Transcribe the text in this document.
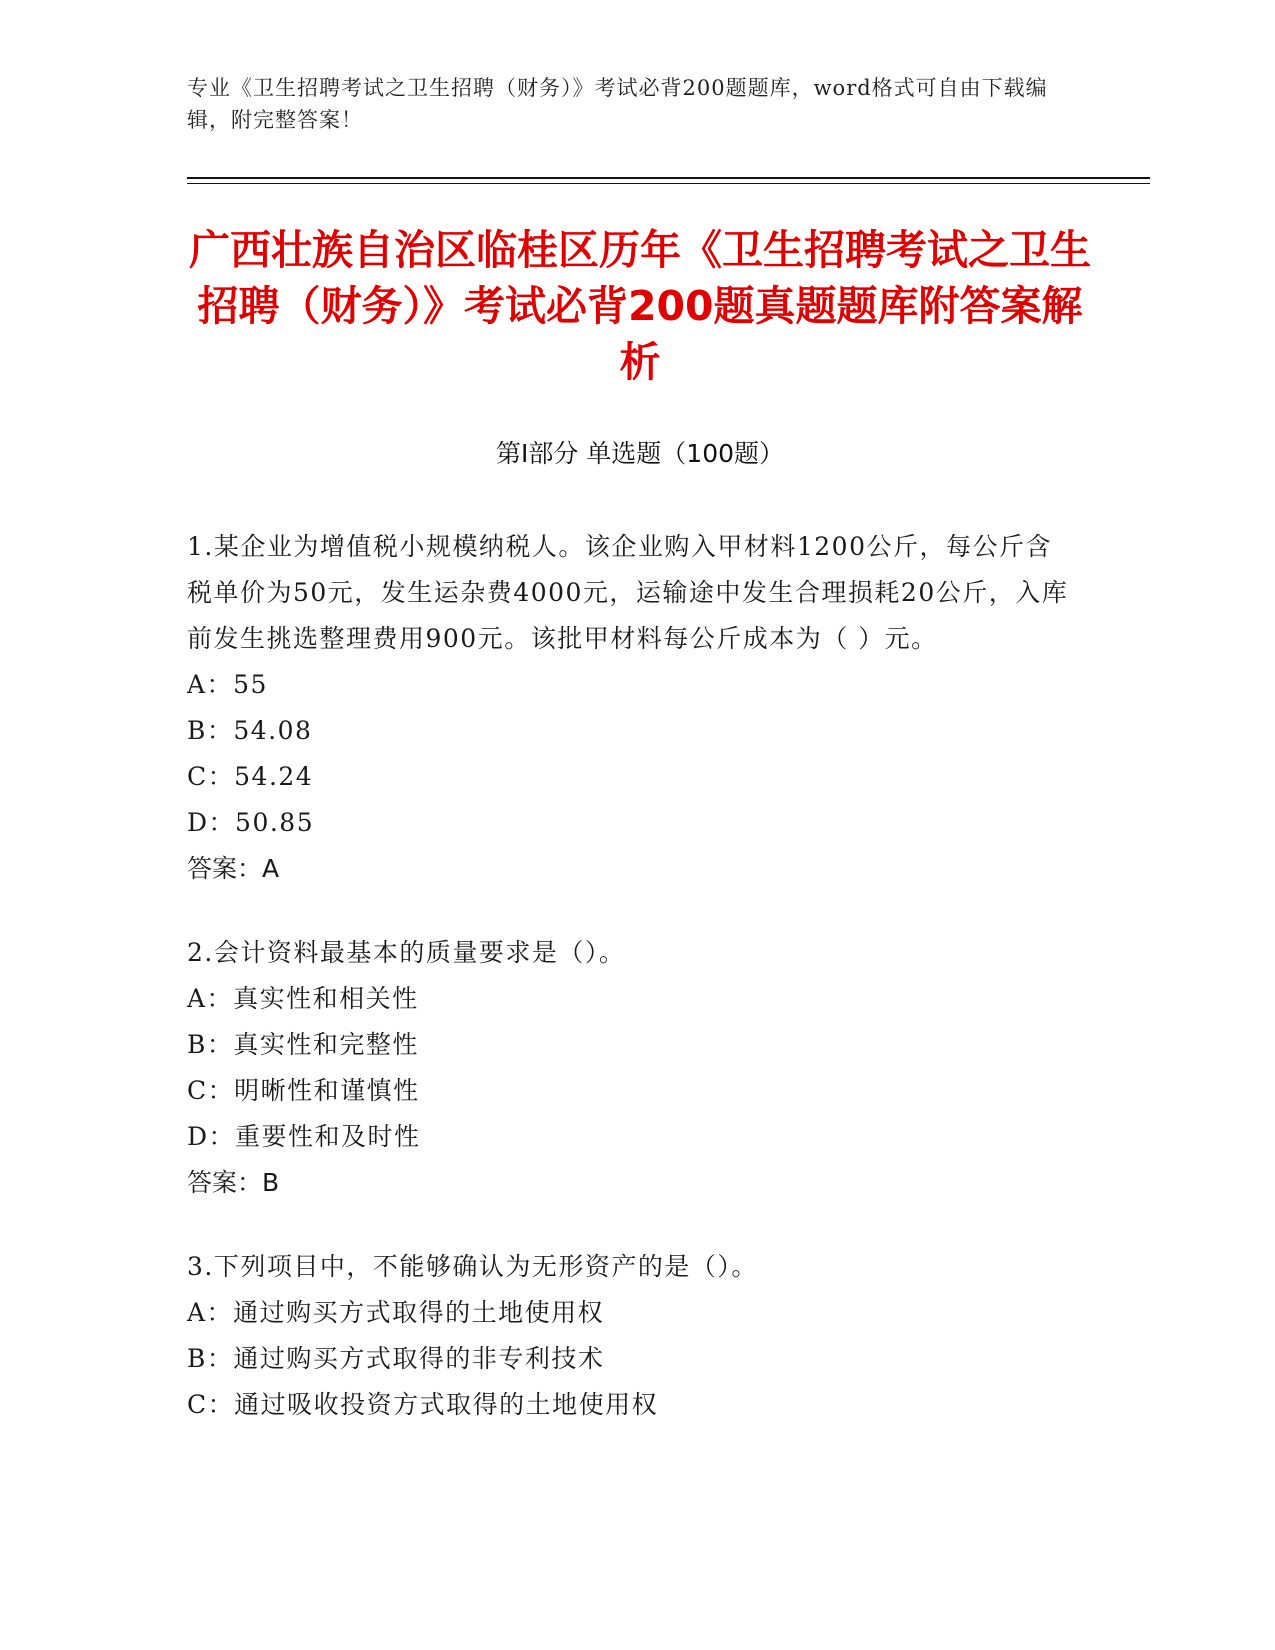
专业《卫生招聘考试之卫生招聘（财务）》考试必背200题题库，word格式可自由下载编辑，附完整答案！
广西壮族自治区临桂区历年《卫生招聘考试之卫生招聘（财务）》考试必背200题真题题库附答案解析
第Ⅰ部分 单选题（100题）

1.某企业为增值税小规模纳税人。该企业购入甲材料1200公斤，每公斤含税单价为50元，发生运杂费4000元，运输途中发生合理损耗20公斤，入库前发生挑选整理费用900元。该批甲材料每公斤成本为（ ）元。

A：55

B：54.08

C：54.24

D：50.85

答案：A

2.会计资料最基本的质量要求是（）。

A：真实性和相关性

B：真实性和完整性

C：明晰性和谨慎性

D：重要性和及时性

答案：B

3.下列项目中，不能够确认为无形资产的是（）。

A：通过购买方式取得的土地使用权

B：通过购买方式取得的非专利技术

C：通过吸收投资方式取得的土地使用权
